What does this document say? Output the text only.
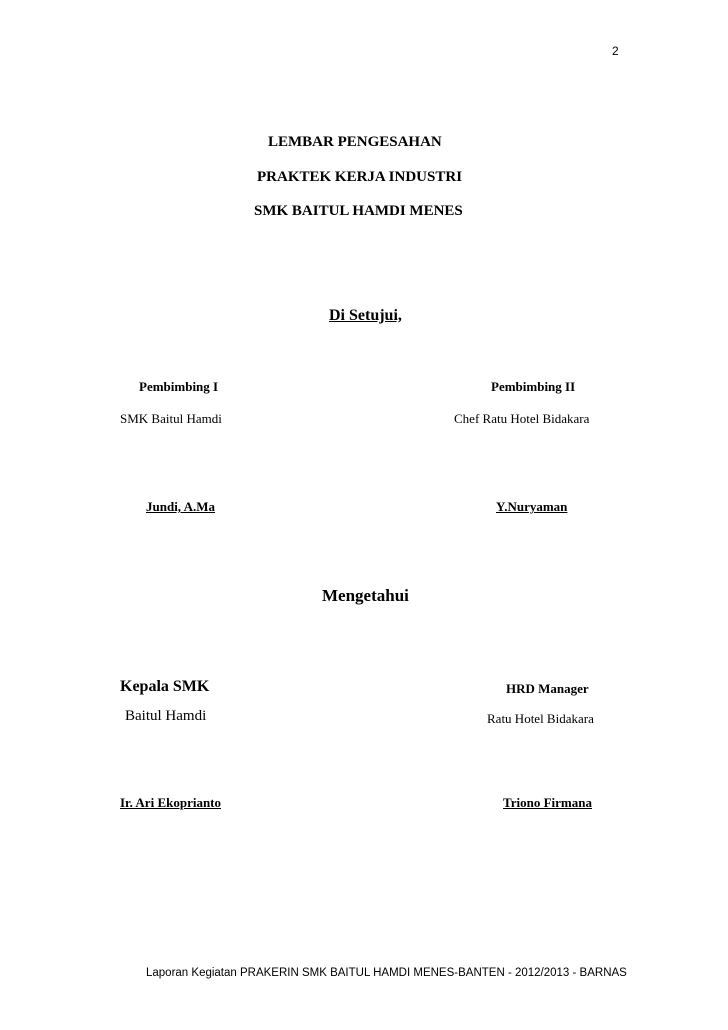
2
LEMBAR PENGESAHAN
PRAKTEK KERJA INDUSTRI
SMK BAITUL HAMDI MENES
Di Setujui,
Pembimbing I
SMK Baitul Hamdi
Jundi, A.Ma
Pembimbing II
Chef Ratu Hotel Bidakara
Y.Nuryaman
Mengetahui
Kepala SMK
Baitul Hamdi
Ir. Ari Ekoprianto
HRD Manager
Ratu Hotel Bidakara
Triono Firmana
Laporan Kegiatan PRAKERIN SMK BAITUL HAMDI MENES-BANTEN - 2012/2013 - BARNAS
